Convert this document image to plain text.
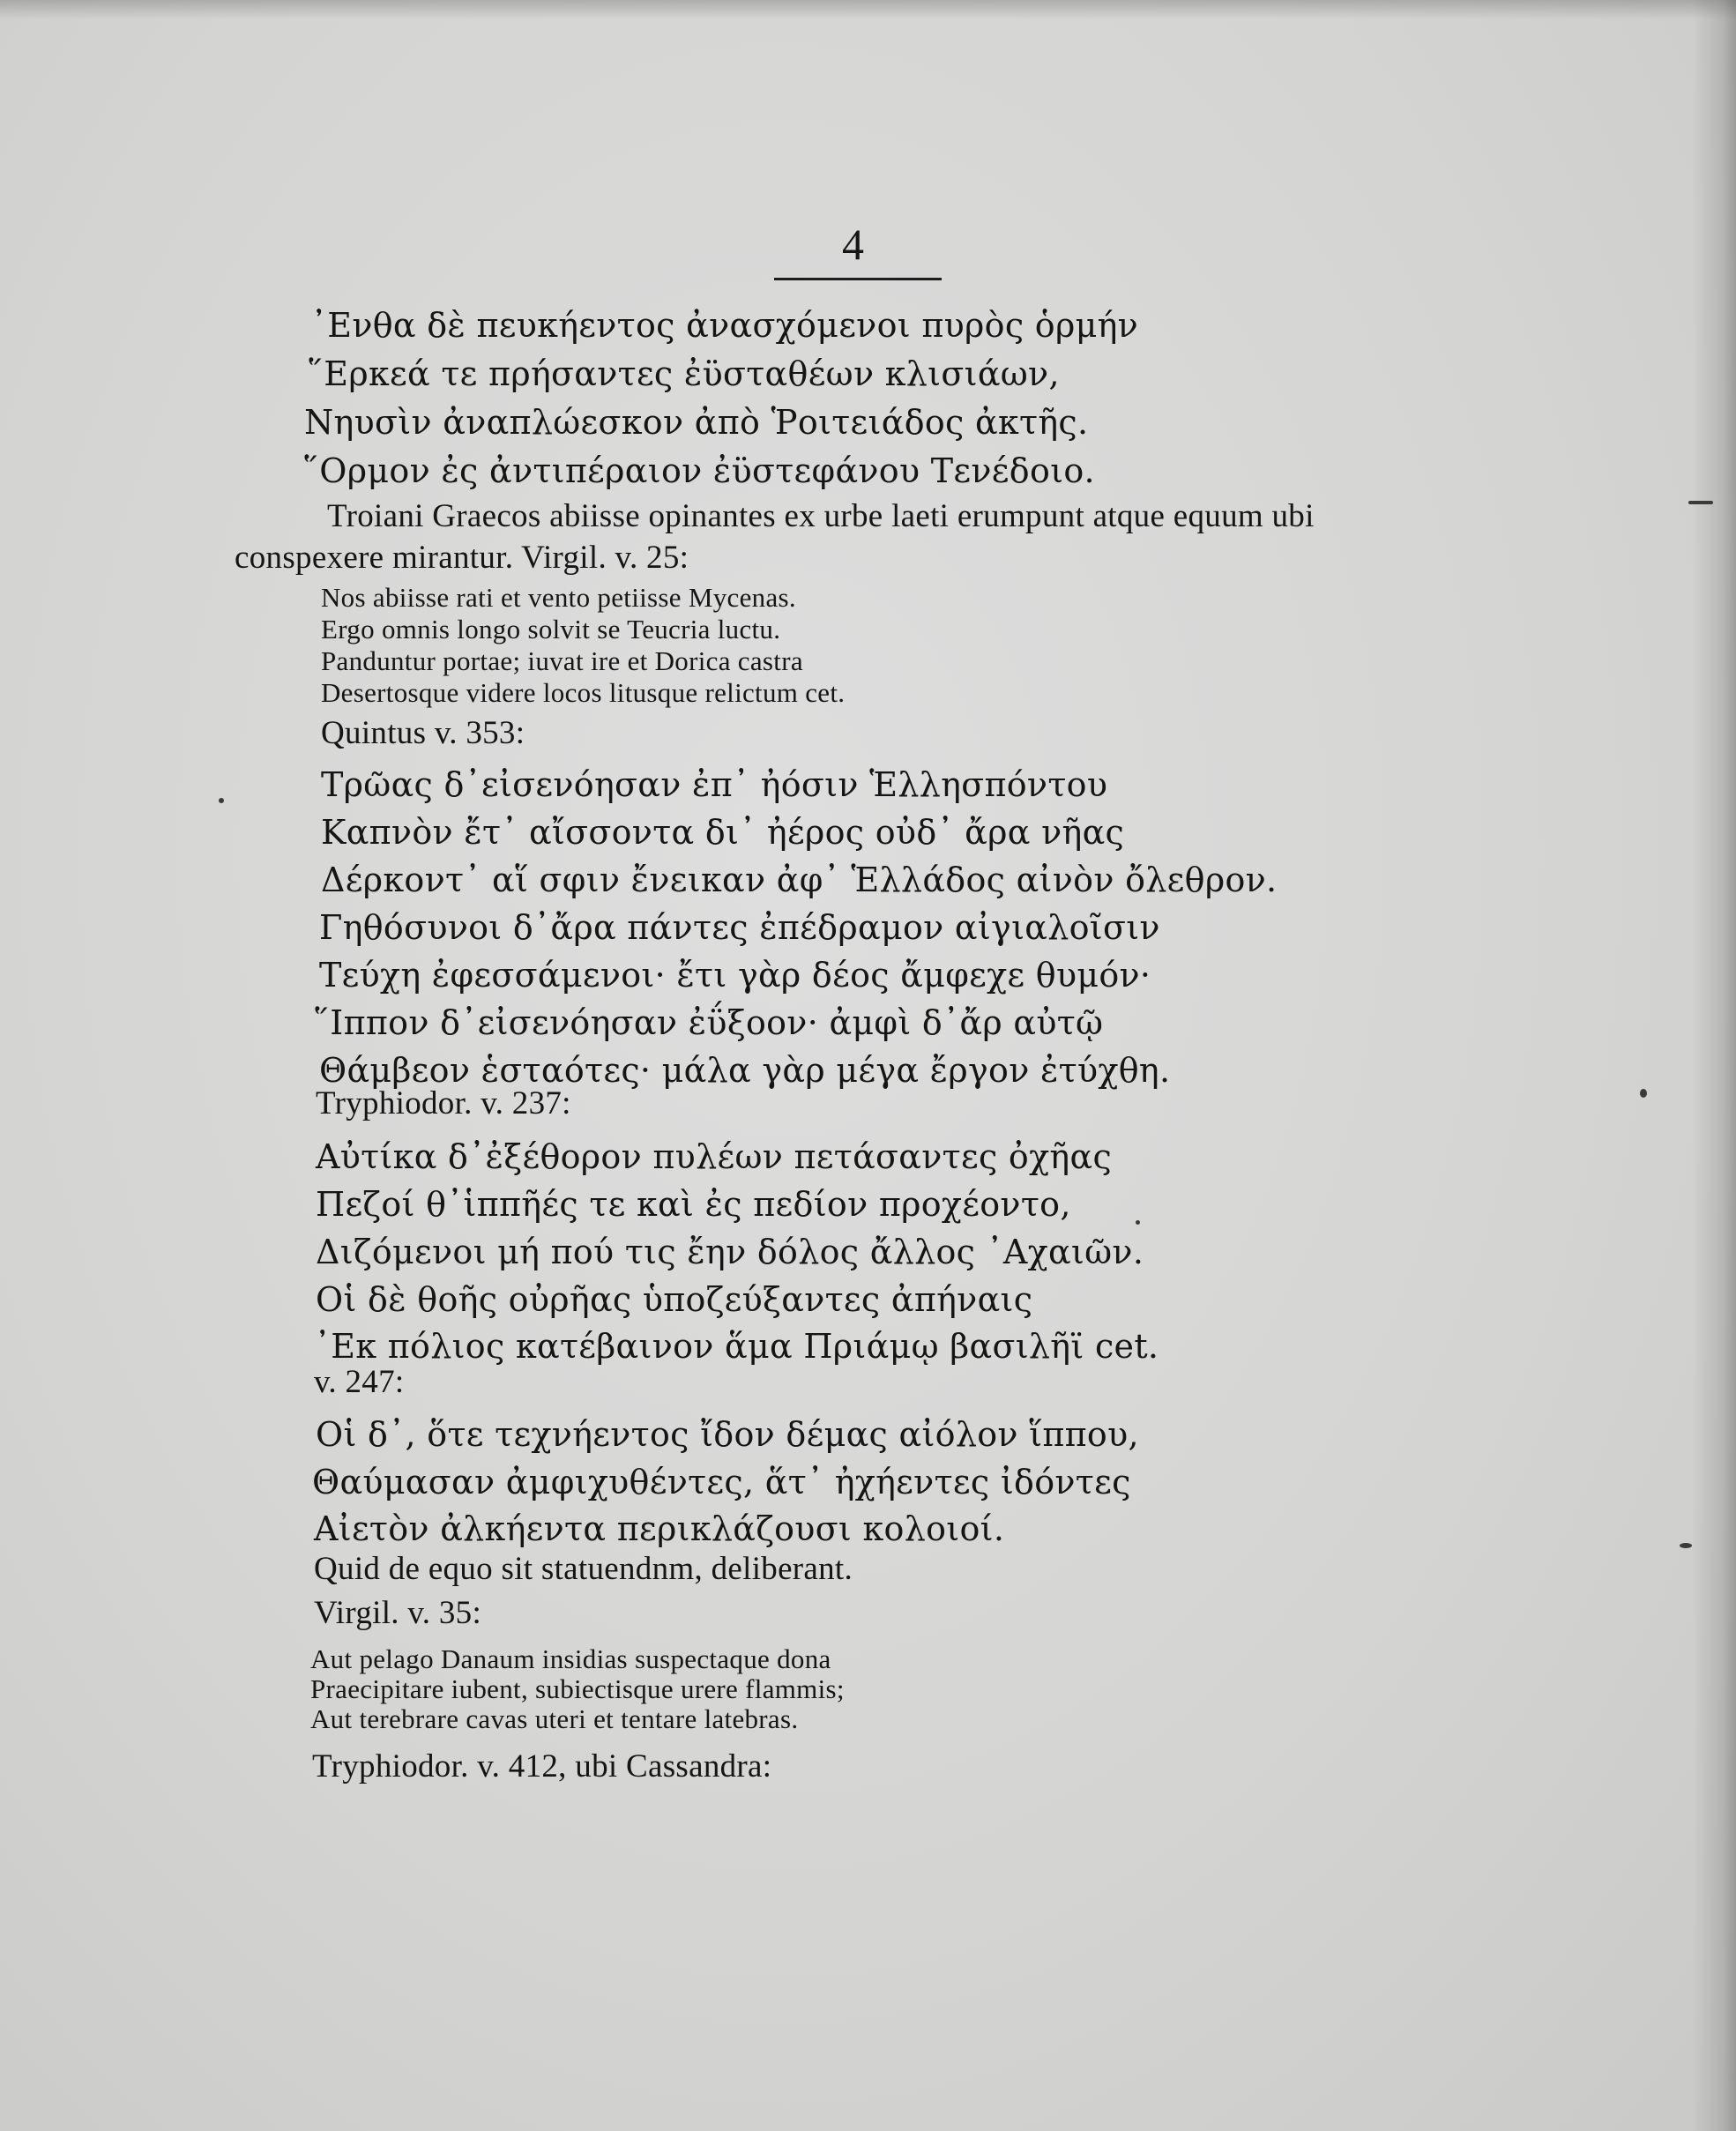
4
᾿Ενθα δὲ πευκήεντος ἀνασχόμενοι πυρὸς ὁρμήν
῞Ερκεά τε πρήσαντες ἐϋσταθέων κλισιάων,
Νηυσὶν ἀναπλώεσκον ἀπὸ Ῥοιτειάδος ἀκτῆς.
῞Ορμον ἐς ἀντιπέραιον ἐϋστεφάνου Τενέδοιο.
Troiani Graecos abiisse opinantes ex urbe laeti erumpunt atque equum ubi
conspexere mirantur. Virgil. v. 25:
Nos abiisse rati et vento petiisse Mycenas.
Ergo omnis longo solvit se Teucria luctu.
Panduntur portae; iuvat ire et Dorica castra
Desertosque videre locos litusque relictum cet.
Quintus v. 353:
Τρῶας δ᾿εἰσενόησαν ἐπ᾿ ἠόσιν Ἑλλησπόντου
Καπνὸν ἔτ᾿ αἴσσοντα δι᾿ ἠέρος οὐδ᾿ ἄρα νῆας
Δέρκοντ᾿ αἵ σφιν ἔνεικαν ἀφ᾿ Ἑλλάδος αἰνὸν ὄλεθρον.
Γηθόσυνοι δ᾿ἄρα πάντες ἐπέδραμον αἰγιαλοῖσιν
Τεύχη ἐφεσσάμενοι· ἔτι γὰρ δέος ἄμφεχε θυμόν·
῞Ιππον δ᾿εἰσενόησαν ἐΰξοον· ἀμφὶ δ᾿ἄρ αὐτῷ
Θάμβεον ἑσταότες· μάλα γὰρ μέγα ἔργον ἐτύχθη.
Tryphiodor. v. 237:
Αὐτίκα δ᾿ἐξέθορον πυλέων πετάσαντες ὀχῆας
Πεζοί θ᾿ἱππῆές τε καὶ ἐς πεδίον προχέοντο,
Διζόμενοι μή πού τις ἔην δόλος ἄλλος ᾿Αχαιῶν.
Οἱ δὲ θοῆς οὐρῆας ὑποζεύξαντες ἀπήναις
᾿Εκ πόλιος κατέβαινον ἅμα Πριάμῳ βασιλῆϊ cet.
v. 247:
Οἱ δ᾿, ὅτε τεχνήεντος ἴδον δέμας αἰόλον ἵππου,
Θαύμασαν ἀμφιχυθέντες, ἅτ᾿ ἠχήεντες ἰδόντες
Αἰετὸν ἀλκήεντα περικλάζουσι κολοιοί.
Quid de equo sit statuendnm, deliberant.
Virgil. v. 35:
Aut pelago Danaum insidias suspectaque dona
Praecipitare iubent, subiectisque urere flammis;
Aut terebrare cavas uteri et tentare latebras.
Tryphiodor. v. 412, ubi Cassandra:
